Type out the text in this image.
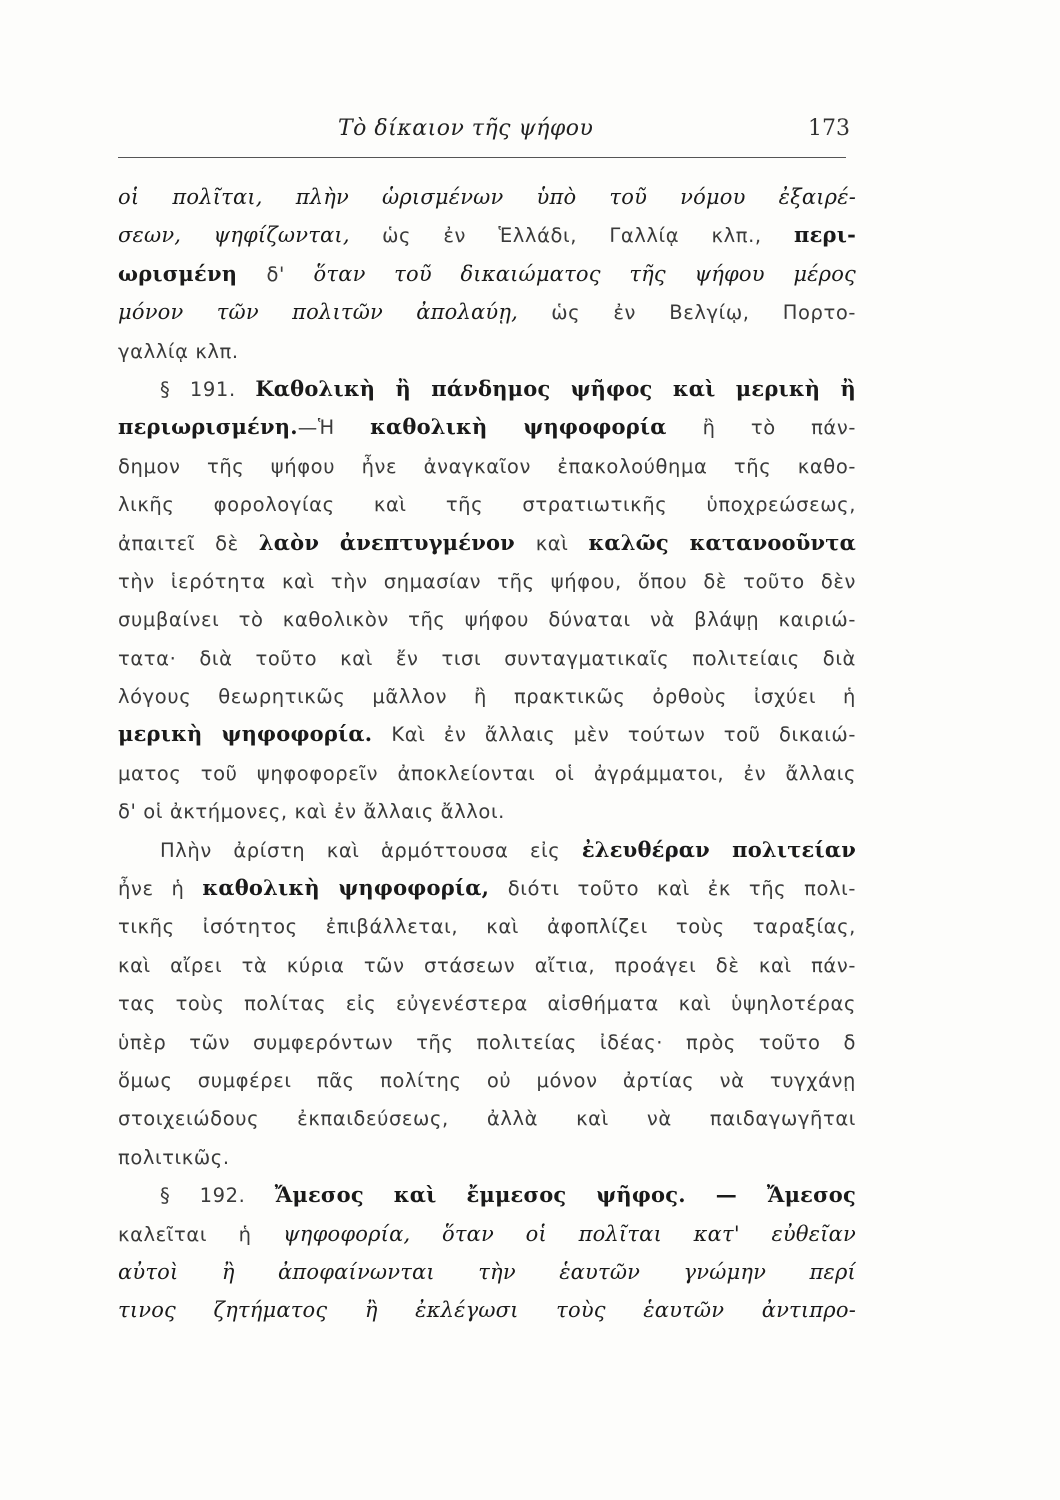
Τὸ δίκαιον τῆς ψήφου	173
οἱ πολῖται, πλὴν ὡρισμένων ὑπὸ τοῦ νόμου ἐξαιρέ-
σεων, ψηφίζωνται, ὡς ἐν Ἑλλάδι, Γαλλίᾳ κλπ., περι-
ωρισμένη δ' ὅταν τοῦ δικαιώματος τῆς ψήφου μέρος
μόνον τῶν πολιτῶν ἀπολαύῃ, ὡς ἐν Βελγίῳ, Πορτο-
γαλλίᾳ κλπ.
§ 191. Καθολικὴ ἢ πάνδημος ψῆφος καὶ μερικὴ ἢ
περιωρισμένη.—Ἡ καθολικὴ ψηφοφορία ἢ τὸ πάν-
δημον τῆς ψήφου ἦνε ἀναγκαῖον ἐπακολούθημα τῆς καθο-
λικῆς φορολογίας καὶ τῆς στρατιωτικῆς ὑποχρεώσεως,
ἀπαιτεῖ δὲ λαὸν ἀνεπτυγμένον καὶ καλῶς κατανοοῦντα
τὴν ἱερότητα καὶ τὴν σημασίαν τῆς ψήφου, ὅπου δὲ τοῦτο δὲν
συμβαίνει τὸ καθολικὸν τῆς ψήφου δύναται νὰ βλάψῃ καιριώ-
τατα· διὰ τοῦτο καὶ ἔν τισι συνταγματικαῖς πολιτείαις διὰ
λόγους θεωρητικῶς μᾶλλον ἢ πρακτικῶς ὀρθοὺς ἰσχύει ἡ
μερικὴ ψηφοφορία. Καὶ ἐν ἄλλαις μὲν τούτων τοῦ δικαιώ-
ματος τοῦ ψηφοφορεῖν ἀποκλείονται οἱ ἀγράμματοι, ἐν ἄλλαις
δ' οἱ ἀκτήμονες, καὶ ἐν ἄλλαις ἄλλοι.
Πλὴν ἀρίστη καὶ ἁρμόττουσα εἰς ἐλευθέραν πολιτείαν
ἦνε ἡ καθολικὴ ψηφοφορία, διότι τοῦτο καὶ ἐκ τῆς πολι-
τικῆς ἰσότητος ἐπιβάλλεται, καὶ ἀφοπλίζει τοὺς ταραξίας,
καὶ αἴρει τὰ κύρια τῶν στάσεων αἴτια, προάγει δὲ καὶ πάν-
τας τοὺς πολίτας εἰς εὐγενέστερα αἰσθήματα καὶ ὑψηλοτέρας
ὑπὲρ τῶν συμφερόντων τῆς πολιτείας ἰδέας· πρὸς τοῦτο δ
ὅμως συμφέρει πᾶς πολίτης οὐ μόνον ἀρτίας νὰ τυγχάνῃ
στοιχειώδους ἐκπαιδεύσεως, ἀλλὰ καὶ νὰ παιδαγωγῆται
πολιτικῶς.
§ 192. Ἄμεσος καὶ ἔμμεσος ψῆφος. — Ἄμεσος
καλεῖται ἡ ψηφοφορία, ὅταν οἱ πολῖται κατ' εὐθεῖαν
αὐτοὶ ἢ ἀποφαίνωνται τὴν ἑαυτῶν γνώμην περί
τινος ζητήματος ἢ ἐκλέγωσι τοὺς ἑαυτῶν ἀντιπρο-
